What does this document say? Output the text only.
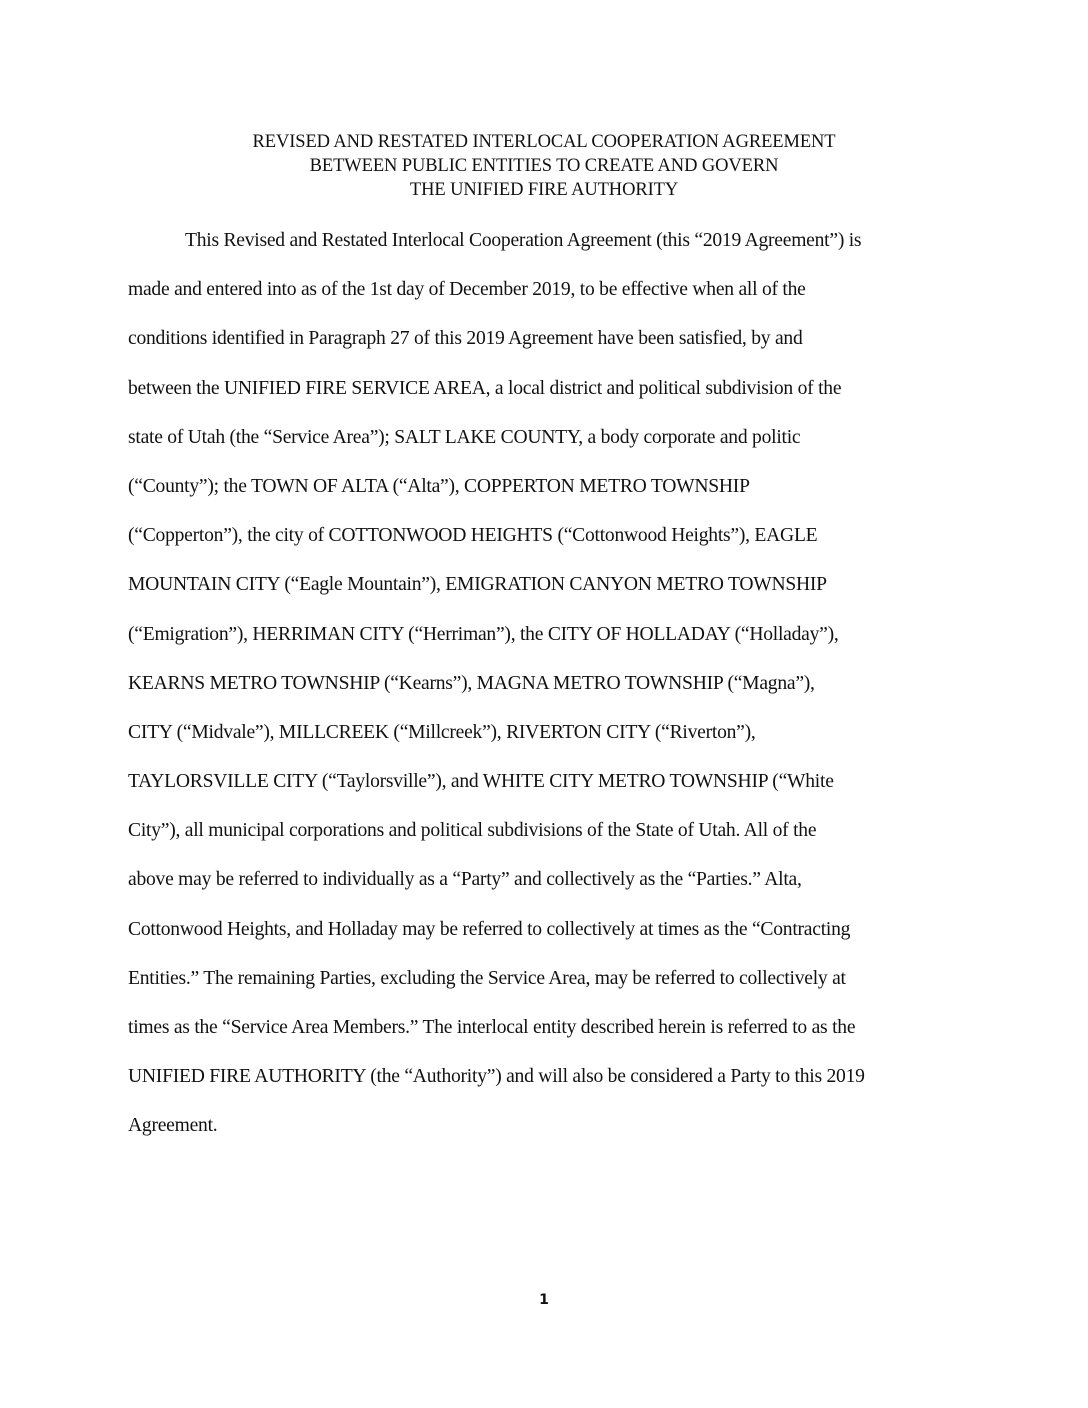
REVISED AND RESTATED INTERLOCAL COOPERATION AGREEMENT
BETWEEN PUBLIC ENTITIES TO CREATE AND GOVERN
THE UNIFIED FIRE AUTHORITY
This Revised and Restated Interlocal Cooperation Agreement (this “2019 Agreement”) is
made and entered into as of the 1st day of December 2019, to be effective when all of the
conditions identified in Paragraph 27 of this 2019 Agreement have been satisfied, by and
between the UNIFIED FIRE SERVICE AREA, a local district and political subdivision of the
state of Utah (the “Service Area”); SALT LAKE COUNTY, a body corporate and politic
(“County”); the TOWN OF ALTA (“Alta”), COPPERTON METRO TOWNSHIP
(“Copperton”), the city of COTTONWOOD HEIGHTS (“Cottonwood Heights”), EAGLE
MOUNTAIN CITY (“Eagle Mountain”), EMIGRATION CANYON METRO TOWNSHIP
(“Emigration”), HERRIMAN CITY (“Herriman”), the CITY OF HOLLADAY (“Holladay”),
KEARNS METRO TOWNSHIP (“Kearns”), MAGNA METRO TOWNSHIP (“Magna”),
CITY (“Midvale”), MILLCREEK (“Millcreek”), RIVERTON CITY (“Riverton”),
TAYLORSVILLE CITY (“Taylorsville”), and WHITE CITY METRO TOWNSHIP (“White
City”), all municipal corporations and political subdivisions of the State of Utah. All of the
above may be referred to individually as a “Party” and collectively as the “Parties.” Alta,
Cottonwood Heights, and Holladay may be referred to collectively at times as the “Contracting
Entities.” The remaining Parties, excluding the Service Area, may be referred to collectively at
times as the “Service Area Members.” The interlocal entity described herein is referred to as the
UNIFIED FIRE AUTHORITY (the “Authority”) and will also be considered a Party to this 2019
Agreement.
1
